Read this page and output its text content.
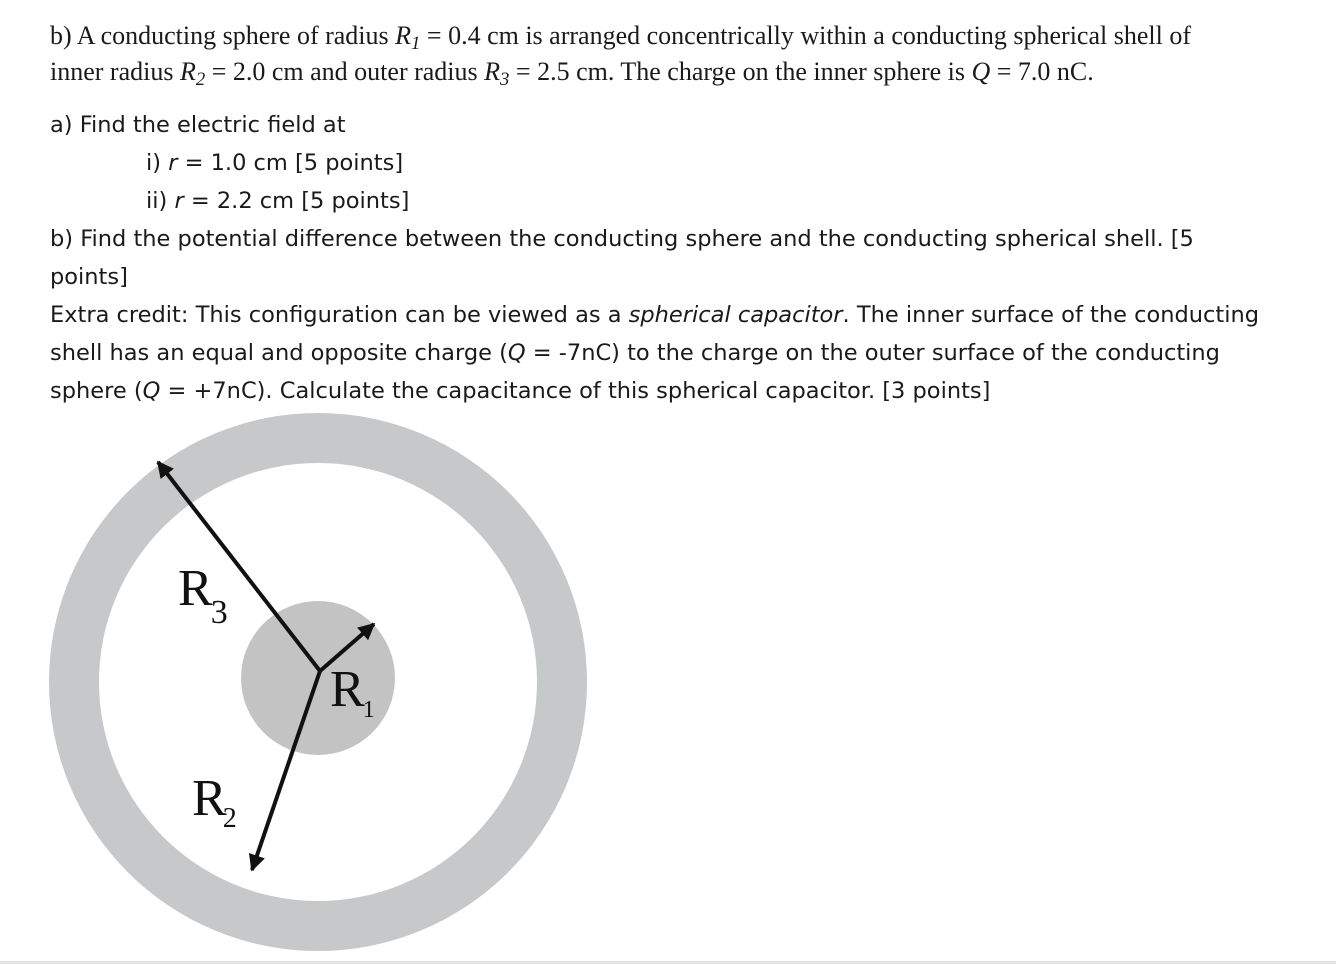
b) A conducting sphere of radius $R_1 = 0.4$ cm is arranged concentrically within a conducting spherical shell of
inner radius $R_2 = 2.0$ cm and outer radius $R_3 = 2.5$ cm. The charge on the inner sphere is Q = 7.0 nC.
a) Find the electric field at
i) r = 1.0 cm [5 points]
ii) r = 2.2 cm [5 points]
b) Find the potential difference between the conducting sphere and the conducting spherical shell. [5
points]
Extra credit: This configuration can be viewed as a spherical capacitor. The inner surface of the conducting
shell has an equal and opposite charge (Q = -7nC) to the charge on the outer surface of the conducting
sphere (Q = +7nC). Calculate the capacitance of this spherical capacitor. [3 points]
R3
R1
R2
